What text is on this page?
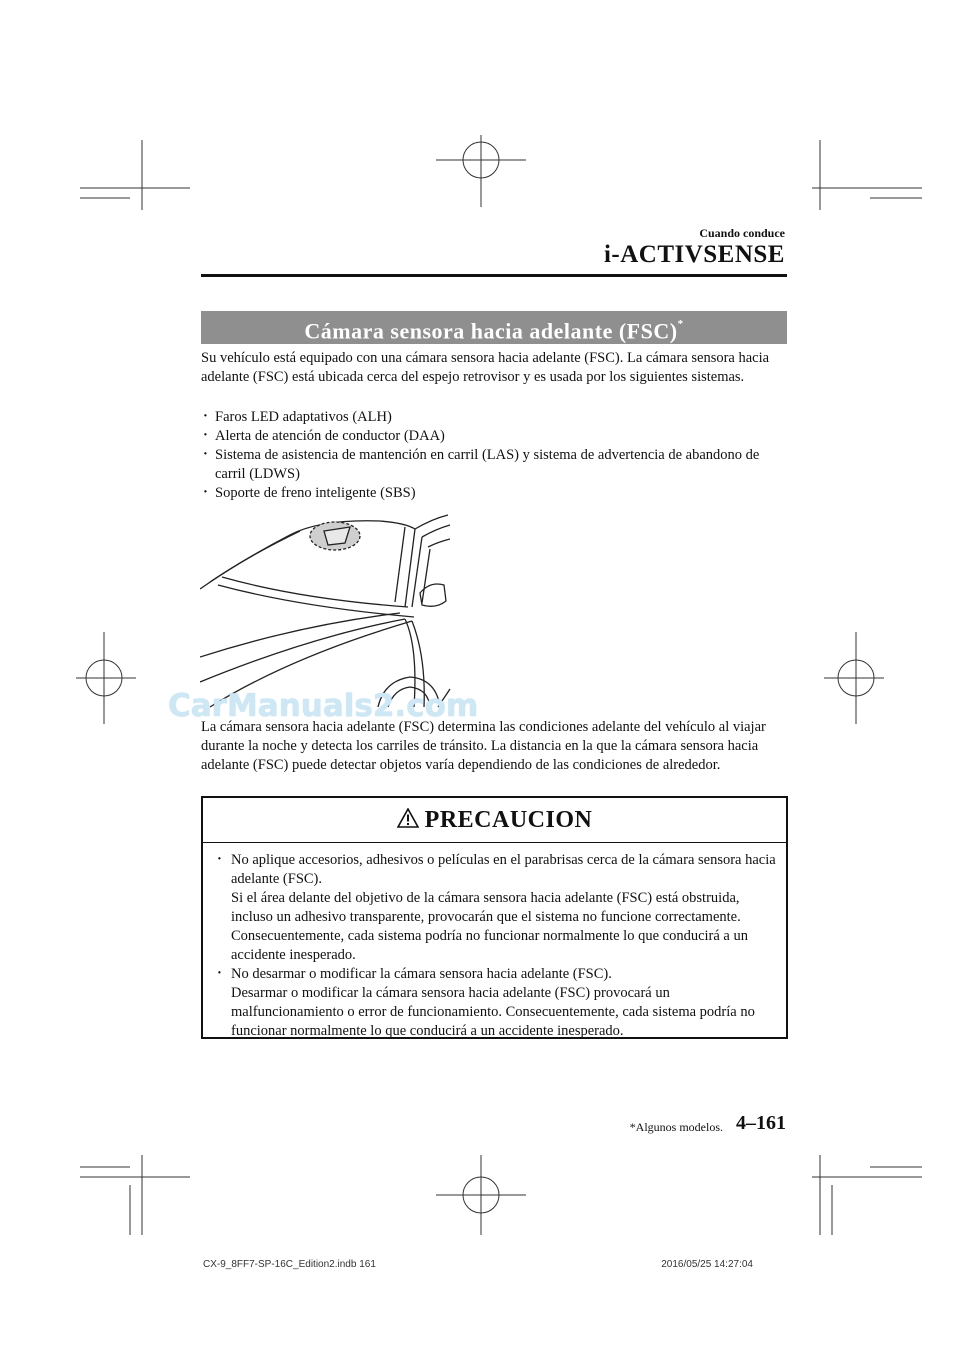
Cuando conduce
i-ACTIVSENSE
Cámara sensora hacia adelante (FSC)*
Su vehículo está equipado con una cámara sensora hacia adelante (FSC). La cámara sensora hacia adelante (FSC) está ubicada cerca del espejo retrovisor y es usada por los siguientes sistemas.
· Faros LED adaptativos (ALH)
· Alerta de atención de conductor (DAA)
· Sistema de asistencia de mantención en carril (LAS) y sistema de advertencia de abandono de carril (LDWS)
· Soporte de freno inteligente (SBS)
CarManuals2.com
La cámara sensora hacia adelante (FSC) determina las condiciones adelante del vehículo al viajar durante la noche y detecta los carriles de tránsito. La distancia en la que la cámara sensora hacia adelante (FSC) puede detectar objetos varía dependiendo de las condiciones de alrededor.
PRECAUCION

· No aplique accesorios, adhesivos o películas en el parabrisas cerca de la cámara sensora hacia adelante (FSC).

Si el área delante del objetivo de la cámara sensora hacia adelante (FSC) está obstruida, incluso un adhesivo transparente, provocarán que el sistema no funcione correctamente. Consecuentemente, cada sistema podría no funcionar normalmente lo que conducirá a un accidente inesperado.

· No desarmar o modificar la cámara sensora hacia adelante (FSC).

Desarmar o modificar la cámara sensora hacia adelante (FSC) provocará un malfuncionamiento o error de funcionamiento. Consecuentemente, cada sistema podría no funcionar normalmente lo que conducirá a un accidente inesperado.

*Algunos modelos. 4–161
CX-9_8FF7-SP-16C_Edition2.indb 161	2016/05/25 14:27:04
